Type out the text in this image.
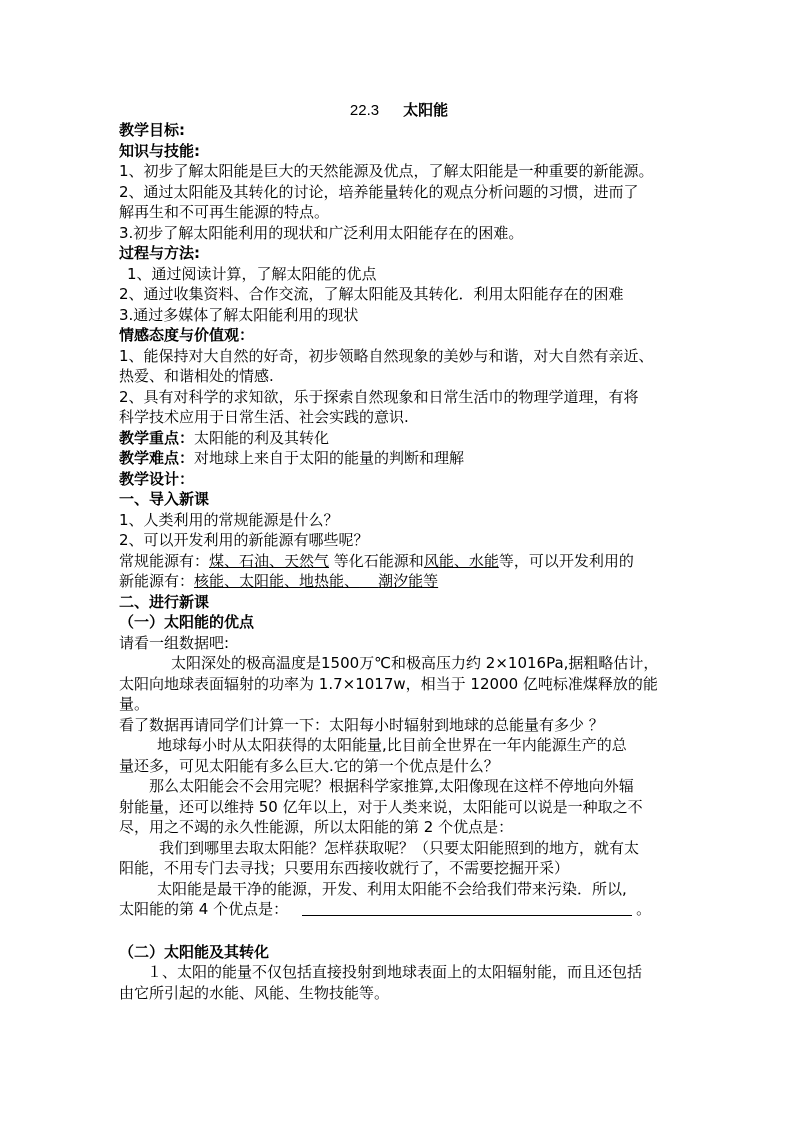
22.3 太阳能
教学目标:
知识与技能:
1、初步了解太阳能是巨大的天然能源及优点，了解太阳能是一种重要的新能源。
2、通过太阳能及其转化的讨论，培养能量转化的观点分析问题的习惯，进而了
解再生和不可再生能源的特点。
3.初步了解太阳能利用的现状和广泛利用太阳能存在的困难。
过程与方法:
1、通过阅读计算，了解太阳能的优点
2、通过收集资料、合作交流，了解太阳能及其转化．利用太阳能存在的困难
3.通过多媒体了解太阳能利用的现状
情感态度与价值观：
1、能保持对大自然的好奇，初步领略自然现象的美妙与和谐，对大自然有亲近、
热爱、和谐相处的情感.
2、具有对科学的求知欲，乐于探索自然现象和日常生活巾的物理学道理，有将
科学技术应用于日常生活、社会实践的意识.
教学重点：太阳能的利及其转化
教学难点：对地球上来自于太阳的能量的判断和理解
教学设计：
一、导入新课
1、人类利用的常规能源是什么？
2、可以开发利用的新能源有哪些呢？
常规能源有：煤、石油、天然气 等化石能源和风能、水能等，可以开发利用的
新能源有：核能、太阳能、地热能、 潮汐能等
二、进行新课
（一）太阳能的优点
请看一组数据吧:
太阳深处的极高温度是1500万℃和极高压力约 2×1016Pa,据粗略估计，
太阳向地球表面辐射的功率为 1.7×1017w，相当于 12000 亿吨标准煤释放的能
量。
看了数据再请同学们计算一下：太阳每小时辐射到地球的总能量有多少 ？
地球每小时从太阳获得的太阳能量,比目前全世界在一年内能源生产的总
量还多，可见太阳能有多么巨大.它的第一个优点是什么？
那么太阳能会不会用完呢？根据科学家推算,太阳像现在这样不停地向外辐
射能量，还可以维持 50 亿年以上，对于人类来说，太阳能可以说是一种取之不
尽，用之不竭的永久性能源，所以太阳能的第 2 个优点是：
我们到哪里去取太阳能？怎样获取呢？（只要太阳能照到的地方，就有太
阳能，不用专门去寻找；只要用东西接收就行了，不需要挖掘开采）
太阳能是最干净的能源，开发、利用太阳能不会给我们带来污染．所以,
太阳能的第 4 个优点是：	。
（二）太阳能及其转化
１、太阳的能量不仅包括直接投射到地球表面上的太阳辐射能，而且还包括
由它所引起的水能、风能、生物技能等。
